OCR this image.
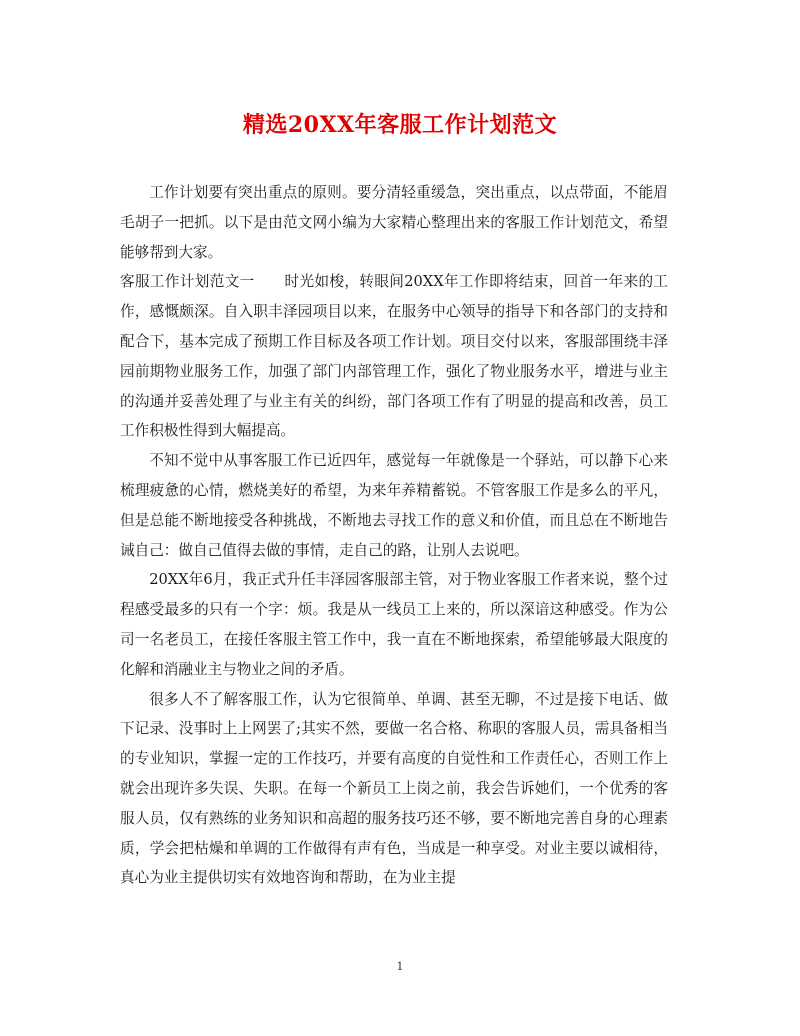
精选20XX年客服工作计划范文

工作计划要有突出重点的原则。要分清轻重缓急，突出重点，以点带面，不能眉毛胡子一把抓。以下是由范文网小编为大家精心整理出来的客服工作计划范文，希望能够帮到大家。

客服工作计划范文一　　时光如梭，转眼间20XX年工作即将结束，回首一年来的工作，感慨颇深。自入职丰泽园项目以来，在服务中心领导的指导下和各部门的支持和配合下，基本完成了预期工作目标及各项工作计划。项目交付以来，客服部围绕丰泽园前期物业服务工作，加强了部门内部管理工作，强化了物业服务水平，增进与业主的沟通并妥善处理了与业主有关的纠纷，部门各项工作有了明显的提高和改善，员工工作积极性得到大幅提高。

不知不觉中从事客服工作已近四年，感觉每一年就像是一个驿站，可以静下心来梳理疲惫的心情，燃烧美好的希望，为来年养精蓄锐。不管客服工作是多么的平凡，但是总能不断地接受各种挑战，不断地去寻找工作的意义和价值，而且总在不断地告诫自己：做自己值得去做的事情，走自己的路，让别人去说吧。

20XX年6月，我正式升任丰泽园客服部主管，对于物业客服工作者来说，整个过程感受最多的只有一个字：烦。我是从一线员工上来的，所以深谙这种感受。作为公司一名老员工，在接任客服主管工作中，我一直在不断地探索，希望能够最大限度的化解和消融业主与物业之间的矛盾。

很多人不了解客服工作，认为它很简单、单调、甚至无聊，不过是接下电话、做下记录、没事时上上网罢了;其实不然，要做一名合格、称职的客服人员，需具备相当的专业知识，掌握一定的工作技巧，并要有高度的自觉性和工作责任心，否则工作上就会出现许多失误、失职。在每一个新员工上岗之前，我会告诉她们，一个优秀的客服人员，仅有熟练的业务知识和高超的服务技巧还不够，要不断地完善自身的心理素质，学会把枯燥和单调的工作做得有声有色，当成是一种享受。对业主要以诚相待，真心为业主提供切实有效地咨询和帮助，在为业主提

1
